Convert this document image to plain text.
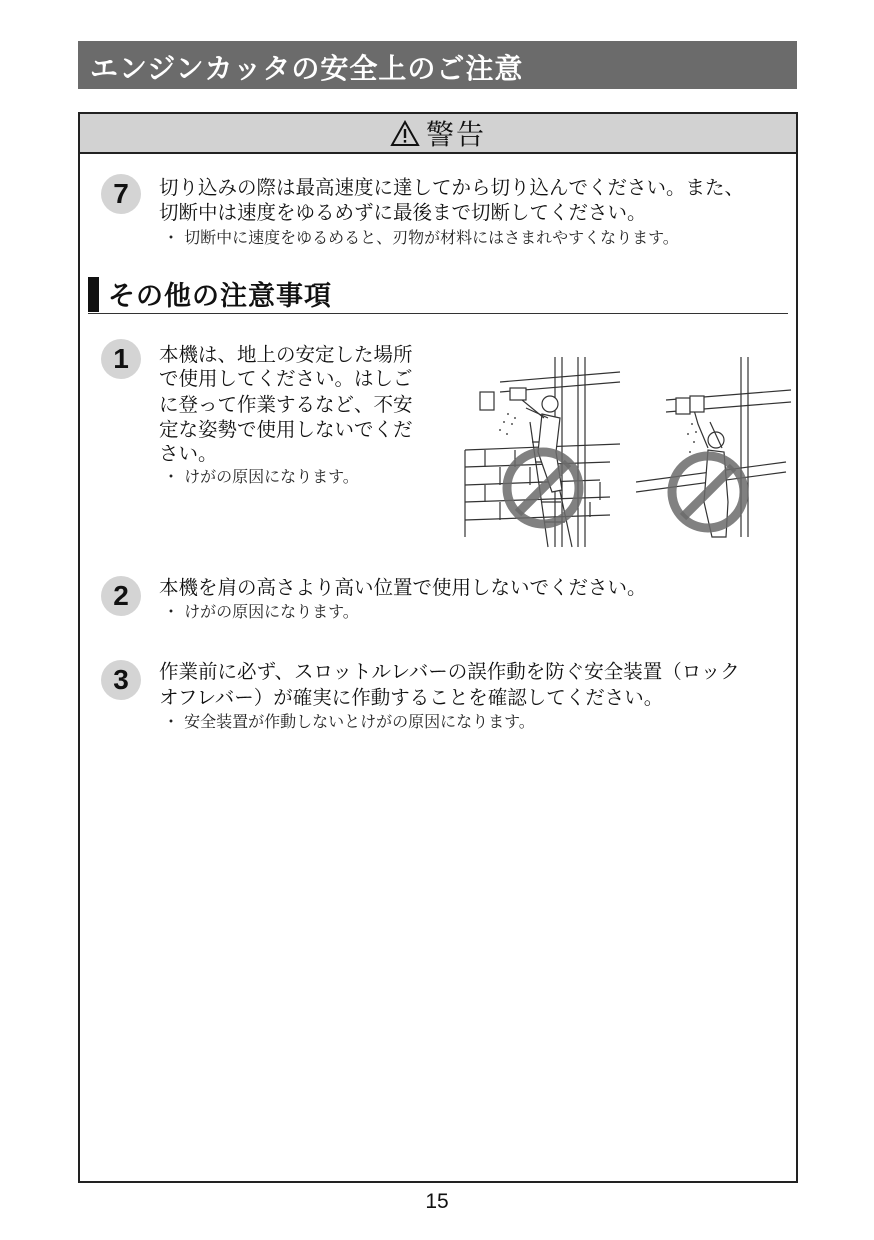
エンジンカッタの安全上のご注意
警告
7	切り込みの際は最高速度に達してから切り込んでください。また、
切断中は速度をゆるめずに最後まで切断してください。
・ 切断中に速度をゆるめると、刃物が材料にはさまれやすくなります。
その他の注意事項
1	本機は、地上の安定した場所
で使用してください。はしご
に登って作業するなど、不安
定な姿勢で使用しないでくだ
さい。
・ けがの原因になります。
2	本機を肩の高さより高い位置で使用しないでください。
・ けがの原因になります。
3	作業前に必ず、スロットルレバーの誤作動を防ぐ安全装置（ロック
オフレバー）が確実に作動することを確認してください。
・ 安全装置が作動しないとけがの原因になります。
15
